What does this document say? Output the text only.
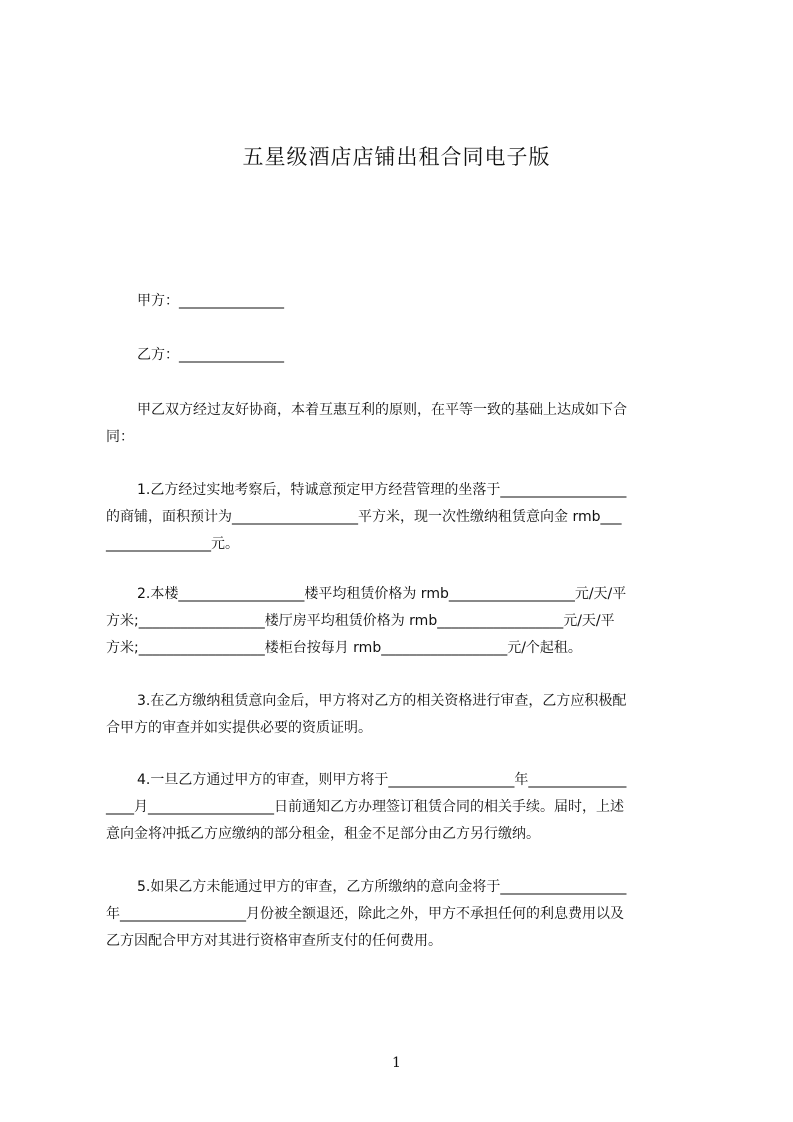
五星级酒店店铺出租合同电子版
甲方：_______________
乙方：_______________
甲乙双方经过友好协商，本着互惠互利的原则，在平等一致的基础上达成如下合
同：
1.乙方经过实地考察后，特诚意预定甲方经营管理的坐落于__________________
的商铺，面积预计为__________________平方米，现一次性缴纳租赁意向金 rmb___
_______________元。
2.本楼__________________楼平均租赁价格为 rmb__________________元/天/平
方米;__________________楼厅房平均租赁价格为 rmb__________________元/天/平
方米;__________________楼柜台按每月 rmb__________________元/个起租。
3.在乙方缴纳租赁意向金后，甲方将对乙方的相关资格进行审查，乙方应积极配
合甲方的审查并如实提供必要的资质证明。
4.一旦乙方通过甲方的审查，则甲方将于__________________年______________
____月__________________日前通知乙方办理签订租赁合同的相关手续。届时，上述
意向金将冲抵乙方应缴纳的部分租金，租金不足部分由乙方另行缴纳。
5.如果乙方未能通过甲方的审查，乙方所缴纳的意向金将于__________________
年__________________月份被全额退还，除此之外，甲方不承担任何的利息费用以及
乙方因配合甲方对其进行资格审查所支付的任何费用。
1
